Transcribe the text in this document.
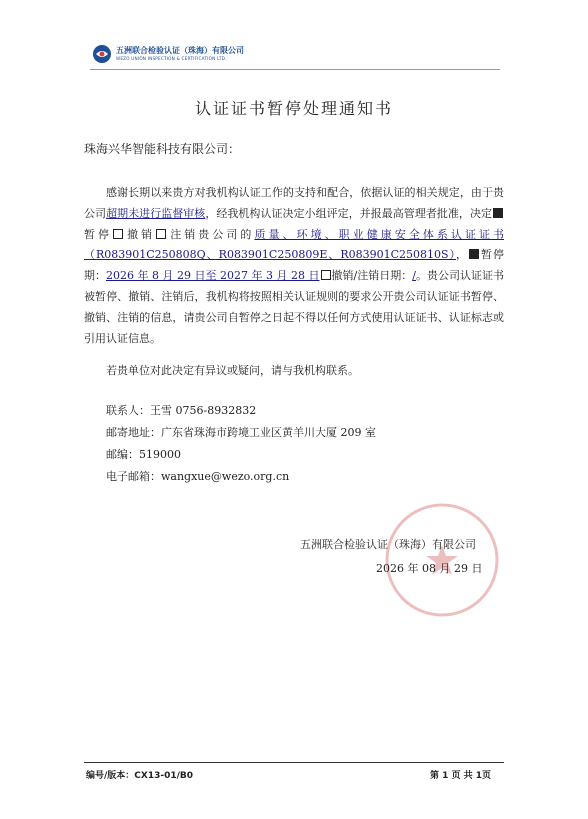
五洲联合检验认证（珠海）有限公司
WEZO UNION INSPECTION & CERTIFICATION LTD.
认证证书暂停处理通知书
珠海兴华智能科技有限公司：

感谢长期以来贵方对我机构认证工作的支持和配合，依据认证的相关规定，由于贵公司超期未进行监督审核，经我机构认证决定小组评定，并报最高管理者批准，决定暂停 撤销 注销贵公司的质量、环境、职业健康安全体系认证证书（R083901C250808Q、R083901C250809E、R083901C250810S）， 暂停期：2026 年 8 月 29 日至 2027 年 3 月 28 日 撤销/注销日期：/。贵公司认证证书被暂停、撤销、注销后，我机构将按照相关认证规则的要求公开贵公司认证证书暂停、撤销、注销的信息，请贵公司自暂停之日起不得以任何方式使用认证证书、认证标志或引用认证信息。

若贵单位对此决定有异议或疑问，请与我机构联系。

联系人：王雪 0756-8932832
邮寄地址：广东省珠海市跨境工业区黄羊川大厦 209 室
邮编：519000
电子邮箱：wangxue@wezo.org.cn
五洲联合检验认证（珠海）有限公司
2026 年 08 月 29 日
编号/版本：CX13-01/B0	第 1 页 共 1页
